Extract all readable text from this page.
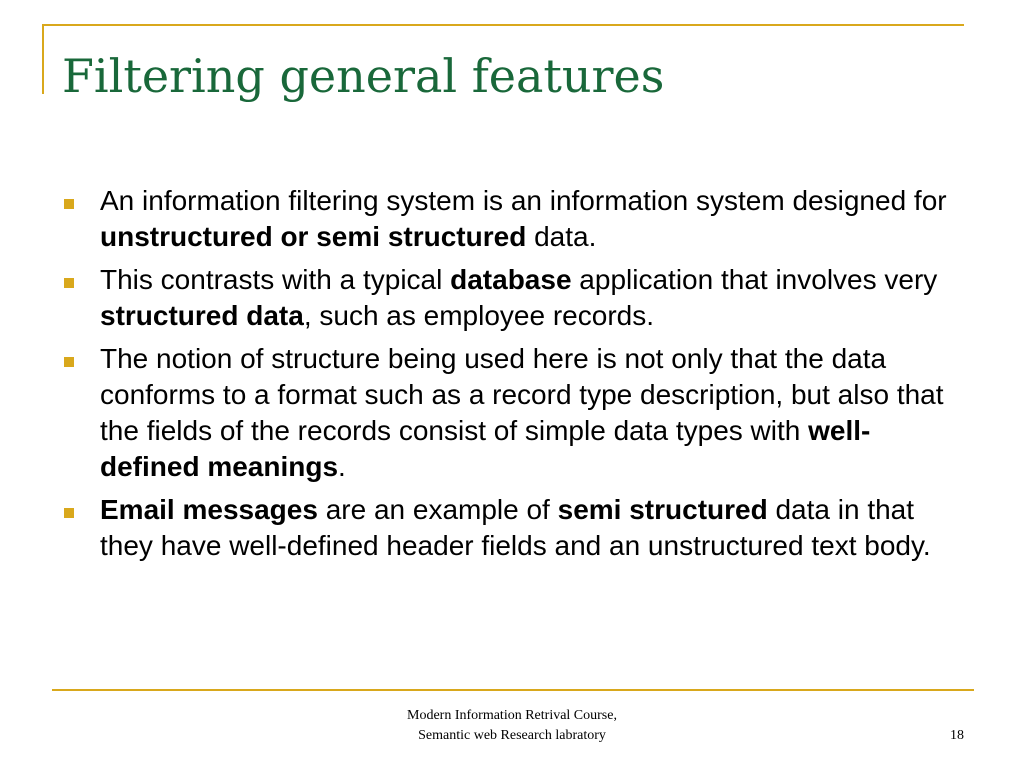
Filtering general features
An information filtering system is an information system designed for unstructured or semi structured data.
This contrasts with a typical database application that involves very structured data, such as employee records.
The notion of structure being used here is not only that the data conforms to a format such as a record type description, but also that the fields of the records consist of simple data types with well-defined meanings.
Email messages are an example of semi structured data in that they have well-defined header fields and an unstructured text body.
Modern Information Retrival Course,
Semantic web Research labratory	18
